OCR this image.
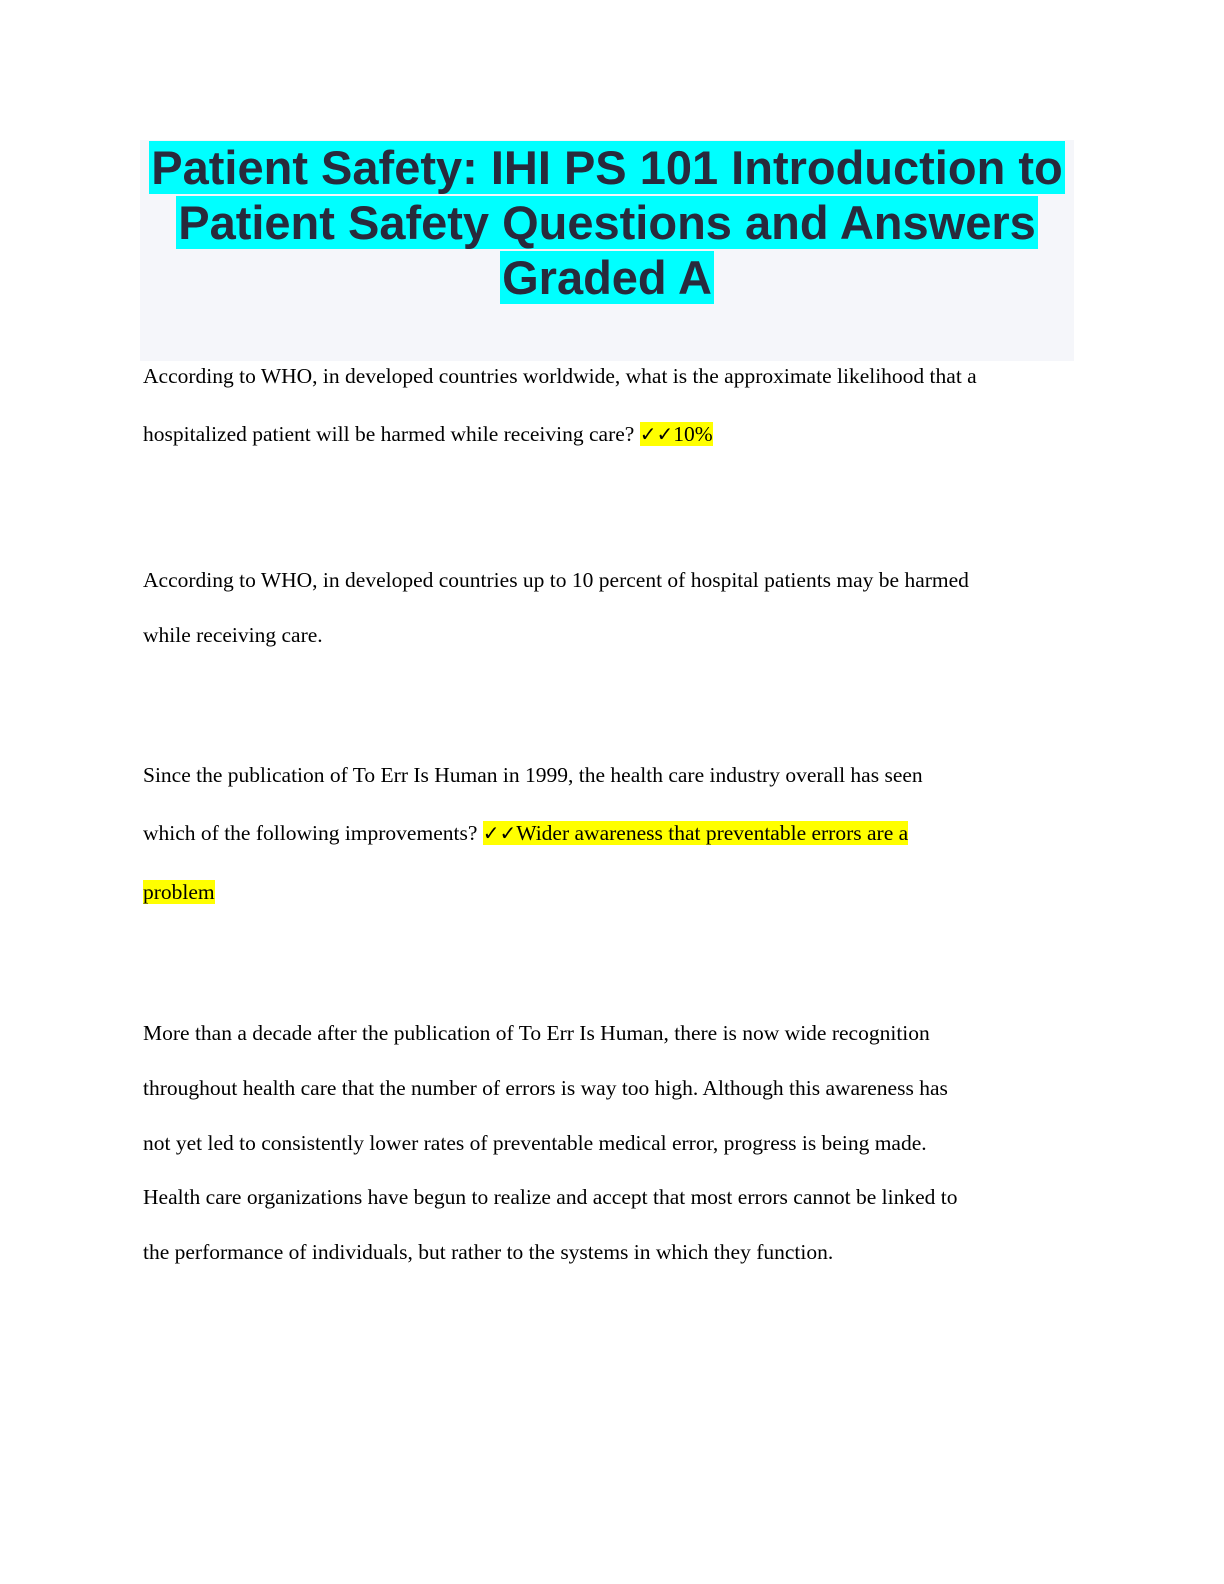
Patient Safety: IHI PS 101 Introduction to
Patient Safety Questions and Answers
Graded A
According to WHO, in developed countries worldwide, what is the approximate likelihood that a
hospitalized patient will be harmed while receiving care? ✓✓10%
According to WHO, in developed countries up to 10 percent of hospital patients may be harmed
while receiving care.
Since the publication of To Err Is Human in 1999, the health care industry overall has seen
which of the following improvements? ✓✓Wider awareness that preventable errors are a
problem
More than a decade after the publication of To Err Is Human, there is now wide recognition
throughout health care that the number of errors is way too high. Although this awareness has
not yet led to consistently lower rates of preventable medical error, progress is being made.
Health care organizations have begun to realize and accept that most errors cannot be linked to
the performance of individuals, but rather to the systems in which they function.
